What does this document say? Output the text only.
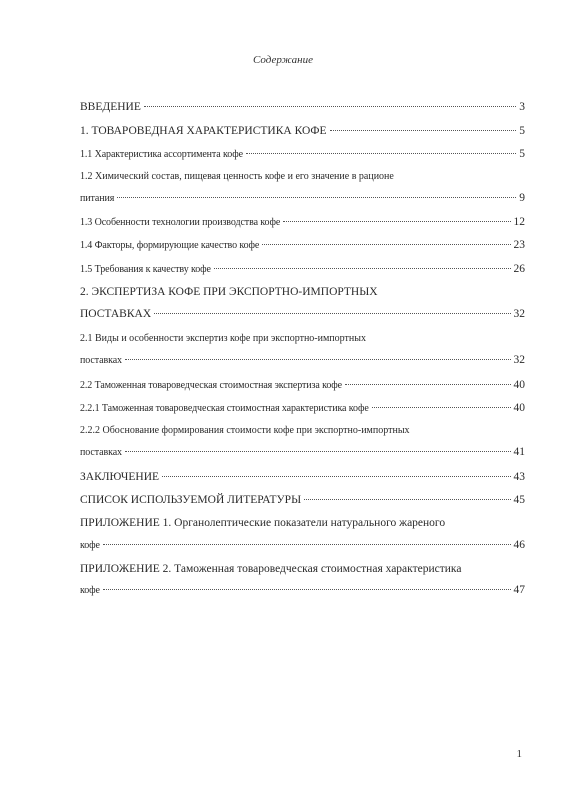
Содержание
ВВЕДЕНИЕ	3
1. ТОВАРОВЕДНАЯ ХАРАКТЕРИСТИКА КОФЕ	5
1.1 Характеристика ассортимента кофе	5
1.2 Химический состав, пищевая ценность кофе и его значение в рационе
питания	9
1.3 Особенности технологии производства кофе	12
1.4 Факторы, формирующие качество кофе	23
1.5 Требования к качеству кофе	26
2. ЭКСПЕРТИЗА КОФЕ ПРИ ЭКСПОРТНО-ИМПОРТНЫХ
ПОСТАВКАХ	32
2.1 Виды и особенности экспертиз кофе при экспортно-импортных
поставках	32
2.2 Таможенная товароведческая стоимостная экспертиза кофе	40
2.2.1 Таможенная товароведческая стоимостная характеристика кофе	40
2.2.2 Обоснование формирования стоимости кофе при экспортно-импортных
поставках	41
ЗАКЛЮЧЕНИЕ	43
СПИСОК ИСПОЛЬЗУЕМОЙ ЛИТЕРАТУРЫ	45
ПРИЛОЖЕНИЕ 1. Органолептические показатели натурального жареного
кофе	46
ПРИЛОЖЕНИЕ 2. Таможенная товароведческая стоимостная характеристика
кофе	47
1
